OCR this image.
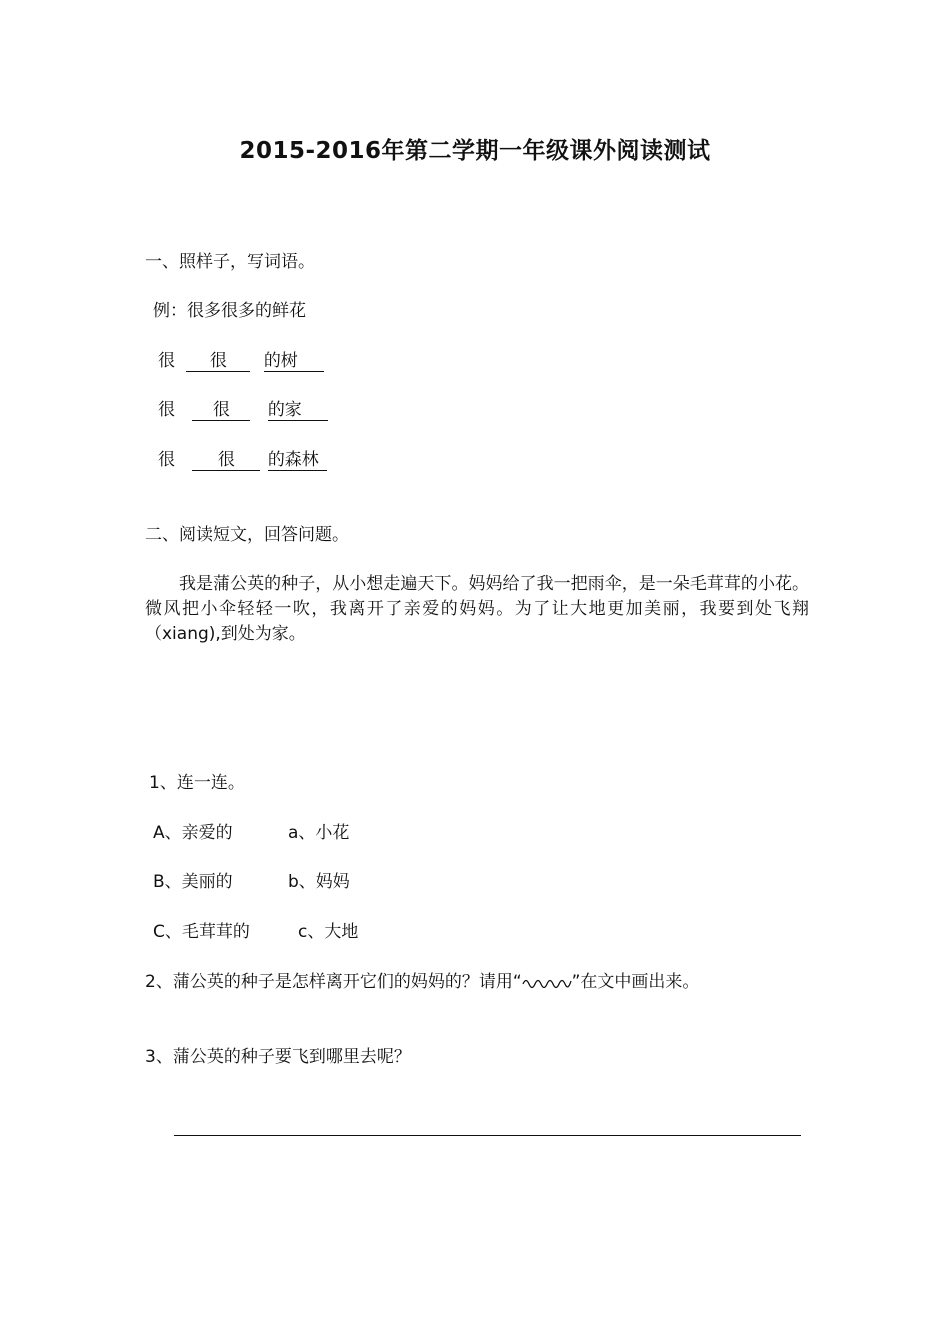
2015-2016年第二学期一年级课外阅读测试
一、照样子，写词语。
例：很多很多的鲜花
很 很 的树
很 很 的家
很	很 的森林
二、阅读短文，回答问题。
我是蒲公英的种子，从小想走遍天下。妈妈给了我一把雨伞，是一朵毛茸茸的小花。微风把小伞轻轻一吹，我离开了亲爱的妈妈。为了让大地更加美丽，我要到处飞翔（xiang),到处为家。
1、连一连。
A、亲爱的	a、小花
B、美丽的	b、妈妈
C、毛茸茸的	c、大地
2、蒲公英的种子是怎样离开它们的妈妈的？请用“	”在文中画出来。
3、蒲公英的种子要飞到哪里去呢？
